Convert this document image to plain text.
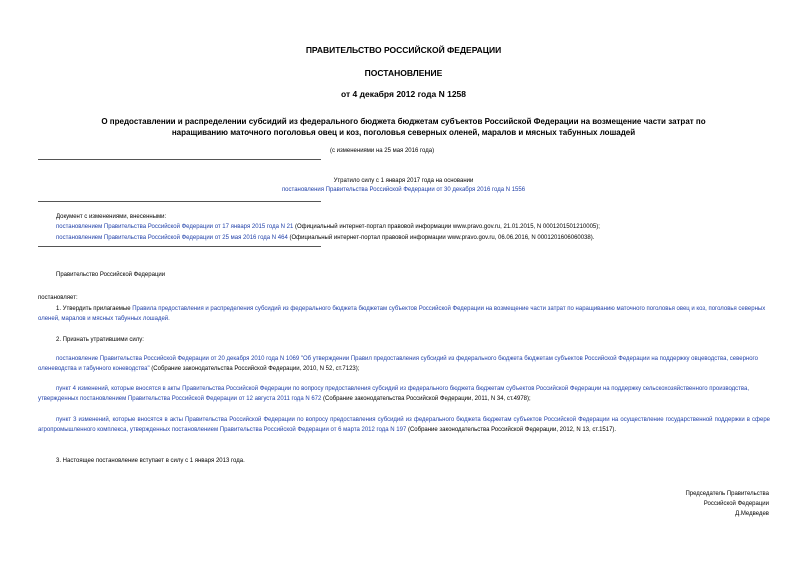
ПРАВИТЕЛЬСТВО РОССИЙСКОЙ ФЕДЕРАЦИИ
ПОСТАНОВЛЕНИЕ
от 4 декабря 2012 года N 1258
О предоставлении и распределении субсидий из федерального бюджета бюджетам субъектов Российской Федерации на возмещение части затрат по
наращиванию маточного поголовья овец и коз, поголовья северных оленей, маралов и мясных табунных лошадей
(с изменениями на 25 мая 2016 года)
Утратило силу с 1 января 2017 года на основании
постановления Правительства Российской Федерации от 30 декабря 2016 года N 1556
Документ с изменениями, внесенными:
постановлением Правительства Российской Федерации от 17 января 2015 года N 21 (Официальный интернет-портал правовой информации www.pravo.gov.ru, 21.01.2015, N 0001201501210005);
постановлением Правительства Российской Федерации от 25 мая 2016 года N 464 (Официальный интернет-портал правовой информации www.pravo.gov.ru, 06.06.2016, N 0001201606060038).
Правительство Российской Федерации
постановляет:
1. Утвердить прилагаемые Правила предоставления и распределения субсидий из федерального бюджета бюджетам субъектов Российской Федерации на возмещение части затрат по наращиванию маточного поголовья овец и коз, поголовья северных оленей, маралов и мясных табунных лошадей.
2. Признать утратившими силу:
постановление Правительства Российской Федерации от 20 декабря 2010 года N 1069 "Об утверждении Правил предоставления субсидий из федерального бюджета бюджетам субъектов Российской Федерации на поддержку овцеводства, северного оленеводства и табунного коневодства" (Собрание законодательства Российской Федерации, 2010, N 52, ст.7123);
пункт 4 изменений, которые вносятся в акты Правительства Российской Федерации по вопросу предоставления субсидий из федерального бюджета бюджетам субъектов Российской Федерации на поддержку сельскохозяйственного производства, утвержденных постановлением Правительства Российской Федерации от 12 августа 2011 года N 672 (Собрание законодательства Российской Федерации, 2011, N 34, ст.4978);
пункт 3 изменений, которые вносятся в акты Правительства Российской Федерации по вопросу предоставления субсидий из федерального бюджета бюджетам субъектов Российской Федерации на осуществление государственной поддержки в сфере агропромышленного комплекса, утвержденных постановлением Правительства Российской Федерации от 6 марта 2012 года N 197 (Собрание законодательства Российской Федерации, 2012, N 13, ст.1517).
3. Настоящее постановление вступает в силу с 1 января 2013 года.
Председатель Правительства
Российской Федерации
Д.Медведев
